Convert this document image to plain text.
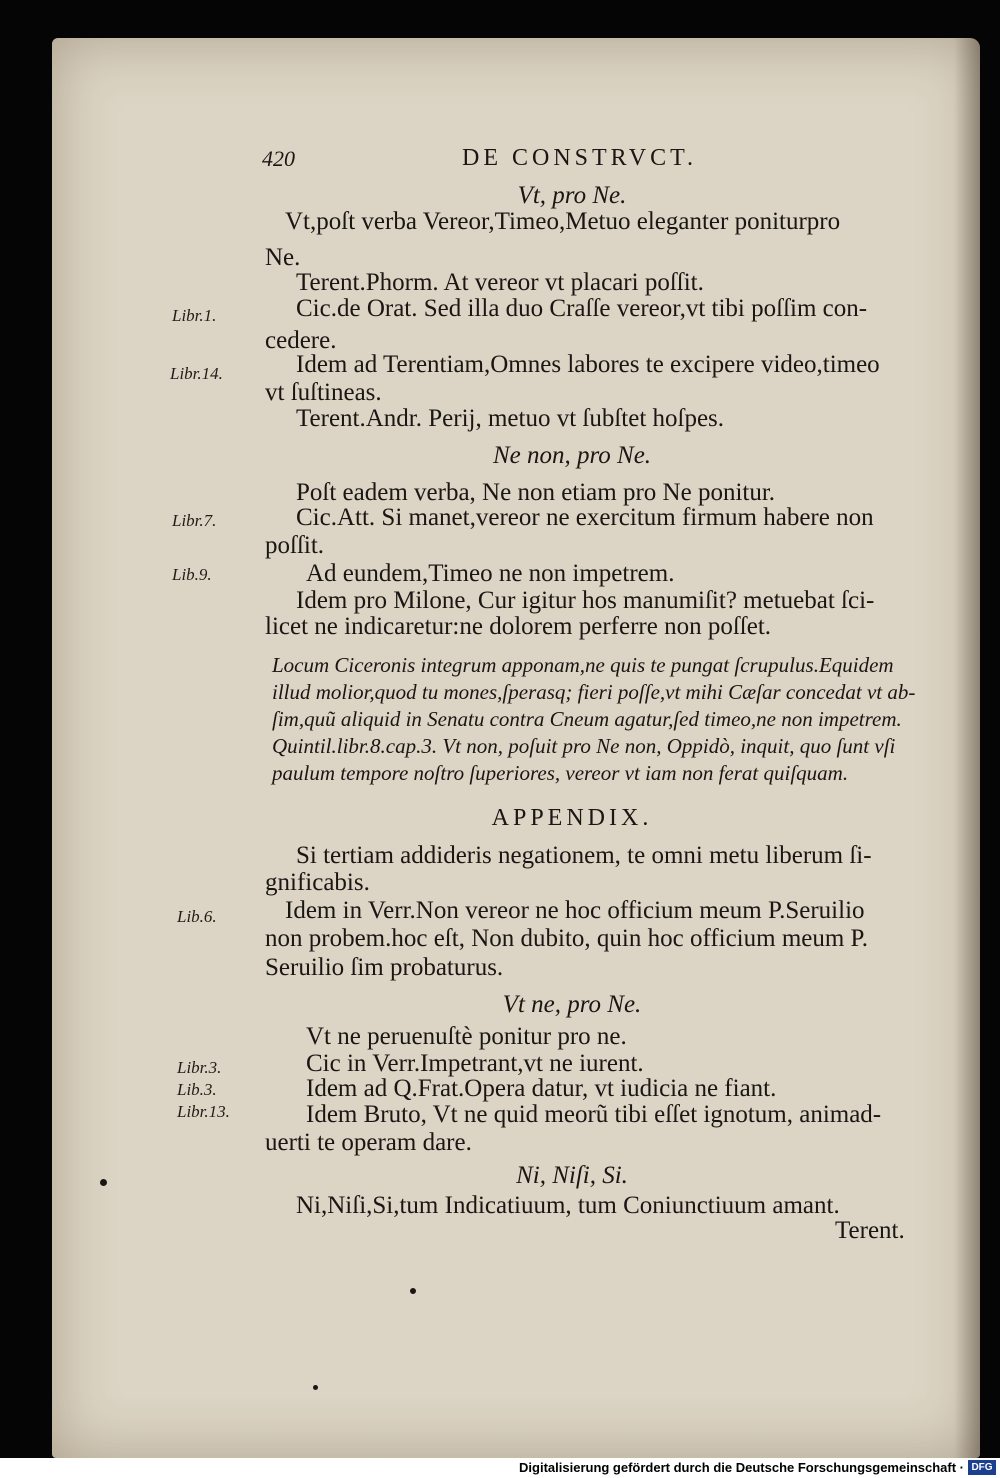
420	DE CONSTRVCT.
Vt, pro Ne.
Vt,poſt verba Vereor,Timeo,Metuo eleganter poniturpro
Ne.
Terent.Phorm. At vereor vt placari poſſit.
Cic.de Orat. Sed illa duo Craſſe vereor,vt tibi poſſim con-
cedere.
Idem ad Terentiam,Omnes labores te excipere video,timeo
vt ſuſtineas.
Terent.Andr. Perij, metuo vt ſubſtet hoſpes.
Ne non, pro Ne.
Poſt eadem verba, Ne non etiam pro Ne ponitur.
Cic.Att. Si manet,vereor ne exercitum firmum habere non
poſſit.
Ad eundem,Timeo ne non impetrem.
Idem pro Milone, Cur igitur hos manumiſit? metuebat ſci-
licet ne indicaretur:ne dolorem perferre non poſſet.
Locum Ciceronis integrum apponam,ne quis te pungat ſcrupulus.Equidem
illud molior,quod tu mones,ſperasq; fieri poſſe,vt mihi Cæſar concedat vt ab-
ſim,quũ aliquid in Senatu contra Cneum agatur,ſed timeo,ne non impetrem.
Quintil.libr.8.cap.3. Vt non, poſuit pro Ne non, Oppidò, inquit, quo ſunt vſi
paulum tempore noſtro ſuperiores, vereor vt iam non ferat quiſquam.
APPENDIX.
Si tertiam addideris negationem, te omni metu liberum ſi-
gnificabis.
Idem in Verr.Non vereor ne hoc officium meum P.Seruilio
non probem.hoc eſt, Non dubito, quin hoc officium meum P.
Seruilio ſim probaturus.
Vt ne, pro Ne.
Vt ne peruenuſtè ponitur pro ne.
Cic in Verr.Impetrant,vt ne iurent.
Idem ad Q.Frat.Opera datur, vt iudicia ne fiant.
Idem Bruto, Vt ne quid meorũ tibi eſſet ignotum, animad-
uerti te operam dare.
Ni, Niſi, Si.
Ni,Niſi,Si,tum Indicatiuum, tum Coniunctiuum amant.
Terent.
Libr.1.
Libr.14.
Libr.7.
Lib.9.
Lib.6.
Libr.3.
Lib.3.
Libr.13.
Digitalisierung gefördert durch die Deutsche Forschungsgemeinschaft · DFG
